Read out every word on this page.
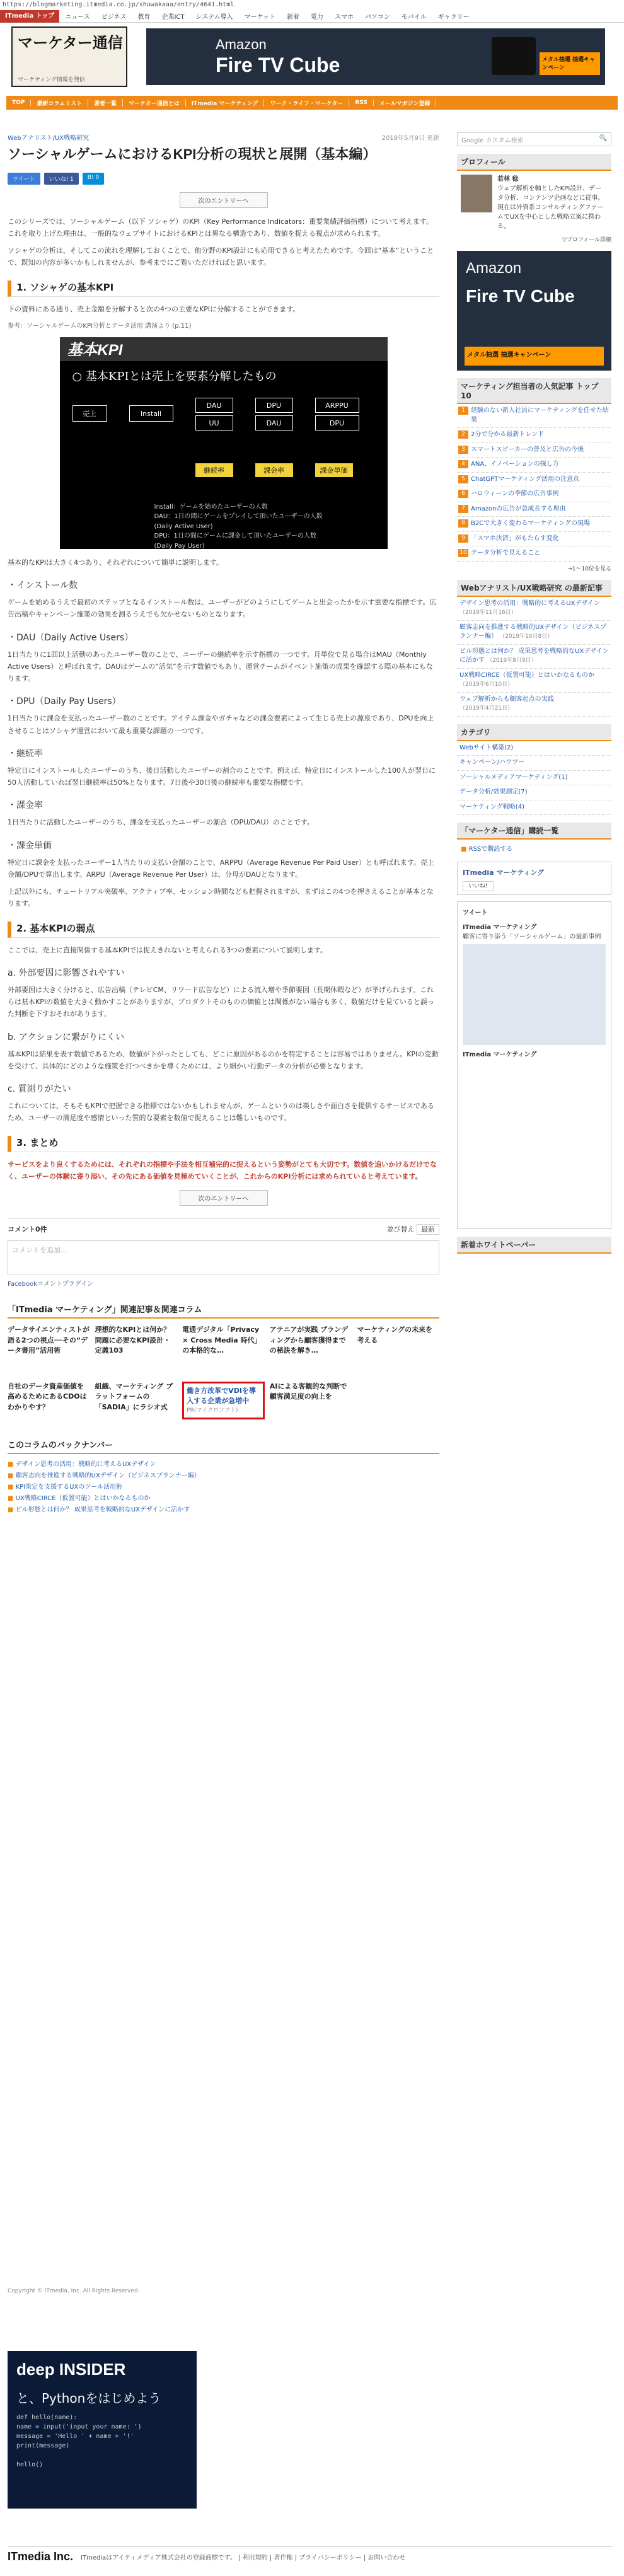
https://blogmarketing.itmedia.co.jp/shuwakaaa/entry/4641.html
ITmedia トップ	ニュース	ビジネス	教育	企業ICT	システム導入	マーケット	新着	電力	スマホ	パソコン	モバイル	ギャラリー
マーケター通信
マーケティング情報を発信
Amazon
Fire TV Cube	メタル抽選 抽選キャンペーン
TOP	最新コラムリスト	著者一覧	マーケター通信とは	ITmedia マーケティング	ワーク・ライフ・マーケター	RSS	メールマガジン登録
Webアナリスト/UX戦略研究	2018年5月9日 更新
ソーシャルゲームにおけるKPI分析の現状と展開（基本編）
ツイート	いいね! 1	B! 0
次のエントリーへ

このシリーズでは、ソーシャルゲーム（以下 ソシャゲ）のKPI（Key Performance Indicators：重要業績評価指標）について考えます。これを取り上げた理由は、一般的なウェブサイトにおけるKPIとは異なる構造であり、数値を捉える視点が求められます。

ソシャゲの分析は、そしてこの流れを理解しておくことで、他分野のKPI設計にも応用できると考えたためです。今回は“基本”ということで、既知の内容が多いかもしれませんが、参考までにご覧いただければと思います。

1. ソシャゲの基本KPI

下の資料にある通り、売上金額を分解すると次の4つの主要なKPIに分解することができます。

参考：ソーシャルゲームのKPI分析とデータ活用 講演より (p.11)
基本KPI
○ 基本KPIとは売上を要素分解したもの
売上	Install
DAU
UU
DPU
DAU
ARPPU
DPU
継続率	課金率	課金単価
Install：ゲームを始めたユーザーの人数
DAU：1日の間にゲームをプレイして頂いたユーザーの人数
(Daily Active User)
DPU：1日の間にゲームに課金して頂いたユーザーの人数
(Daily Pay User)

基本的なKPIは大きく4つあり、それぞれについて簡単に説明します。

・インストール数

ゲームを始めるうえで最初のステップとなるインストール数は、ユーザーがどのようにしてゲームと出会ったかを示す重要な指標です。広告出稿やキャンペーン施策の効果を測るうえでも欠かせないものとなります。

・DAU（Daily Active Users）

1日当たりに1回以上活動のあったユーザー数のことで、ユーザーの継続率を示す指標の一つです。月単位で見る場合はMAU（Monthly Active Users）と呼ばれます。DAUはゲームの“活気”を示す数値でもあり、運営チームがイベント施策の成果を確認する際の基本にもなります。

・DPU（Daily Pay Users）

1日当たりに課金を支払ったユーザー数のことです。アイテム課金やガチャなどの課金要素によって生じる売上の源泉であり、DPUを向上させることはソシャゲ運営において最も重要な課題の一つです。

・継続率

特定日にインストールしたユーザーのうち、後日活動したユーザーの割合のことです。例えば、特定日にインストールした100人が翌日に50人活動していれば翌日継続率は50%となります。7日後や30日後の継続率も重要な指標です。

・課金率

1日当たりに活動したユーザーのうち、課金を支払ったユーザーの割合（DPU/DAU）のことです。

・課金単価

特定日に課金を支払ったユーザー1人当たりの支払い金額のことで、ARPPU（Average Revenue Per Paid User）とも呼ばれます。売上金額/DPUで算出します。ARPU（Average Revenue Per User）は、分母がDAUとなります。

上記以外にも、チュートリアル突破率、アクティブ率、セッション時間なども把握されますが、まずはこの4つを押さえることが基本となります。

2. 基本KPIの弱点

ここでは、売上に直接関係する基本KPIでは捉えきれないと考えられる3つの要素について説明します。

a. 外部要因に影響されやすい

外部要因は大きく分けると、広告出稿（テレビCM、リワード広告など）による流入増や季節要因（長期休暇など）が挙げられます。これらは基本KPIの数値を大きく動かすことがありますが、プロダクトそのものの価値とは関係がない場合も多く、数値だけを見ていると誤った判断を下すおそれがあります。

b. アクションに繋がりにくい

基本KPIは結果を表す数値であるため、数値が下がったとしても、どこに原因があるのかを特定することは容易ではありません。KPIの変動を受けて、具体的にどのような施策を打つべきかを導くためには、より細かい行動データの分析が必要となります。

c. 質測りがたい

これについては、そもそもKPIで把握できる指標ではないかもしれませんが、ゲームというのは楽しさや面白さを提供するサービスであるため、ユーザーの満足度や感情といった質的な要素を数値で捉えることは難しいものです。

3. まとめ

サービスをより良くするためには、それぞれの指標や手法を相互補完的に捉えるという姿勢がとても大切です。数値を追いかけるだけでなく、ユーザーの体験に寄り添い、その先にある価値を見極めていくことが、これからのKPI分析には求められていると考えています。

次のエントリーへ
コメント0件	並び替え 最新
コメントを追加...
Facebookコメントプラグイン
「ITmedia マーケティング」関連記事＆関連コラム
データサイエンティストが語る2つの視点──その“データ書用”活用術
理想的なKPIとは何か？ 問題に必要なKPI設計・定義103
電通デジタル「Privacy × Cross Media 時代」の本格的な…
アテニアが実践 ブランディングから顧客獲得までの秘訣を解き…
マーケティングの未来を考える
自社のデータ資産価値を高めるためにあるCDOはわかりやす？
組織、マーケティング プラットフォームの「SADIA」にラシオ式
働き方改革でVDIを導入する企業が急増中
PR(マイクロソフト)
AIによる客観的な判断で顧客満足度の向上を
このコラムのバックナンバー
■ デザイン思考の活用：戦略的に考えるUXデザイン
■ 顧客志向を推進する戦略的UXデザイン（ビジネスプランナー編）
■ KPI策定を支援するUXのツール活用術
■ UX戦略CIRCE（仮置可能）とはいかなるものか
■ ビル形態とは何か？ 成果思考を戦略的なUXデザインに活かす
Copyright © ITmedia, Inc. All Rights Reserved.
deep INSIDER
と、Pythonをはじめよう
def hello(name):
name = input('input your name: ')
message = 'Hello ' + name + '!'
print(message)

hello()
ITmedia Inc. ITmediaはアイティメディア株式会社の登録商標です。 | 利用規約 | 著作権 | プライバシーポリシー | お問い合わせ
Google カスタム検索	🔍
プロフィール
若林 稔
ウェブ解析を軸としたKPI設計、データ分析、コンテンツ企画などに従事。現在は外資系コンサルティングファームでUXを中心とした戦略立案に携わる。
▽プロフィール詳細
Amazon
Fire TV Cube
メタル抽選 抽選キャンペーン
マーケティング担当者の人気記事 トップ10
1 経験のない新入社員にマーケティングを任せた結果
2 2分で分かる最新トレンド
3 スマートスピーカーの普及と広告の今後
4 ANA、イノベーションの探し方
5 ChatGPTマーケティング活用の注意点
6 ハロウィーンの季節の広告事例
7 Amazonの広告が急成長する理由
8 B2Cで大きく変わるマーケティングの現場
9 「スマホ決済」がもたらす変化
10 データ分析で見えること
→1～10位を見る
Webアナリスト/UX戦略研究 の最新記事
デザイン思考の活用：戦略的に考えるUXデザイン （2019年11月16日）
顧客志向を推進する戦略的UXデザイン（ビジネスプランナー編） （2019年10月8日）
ビル形態とは何か？ 成果思考を戦略的なUXデザインに活かす （2019年8月9日）
UX戦略CIRCE（仮置可能）とはいかなるものか （2019年6月10日）
ウェブ解析からも顧客起点の実践 （2019年4月21日）
カテゴリ
Webサイト構築(2)
キャンペーン/ハウツー
ソーシャルメディアマーケティング(1)
データ分析/効果測定(7)
マーケティング戦略(4)
「マーケター通信」購読一覧
■ RSSで購読する
ITmedia マーケティング
いいね!
ツイート
ITmedia マーケティング
顧客に寄り添う「ソーシャルゲーム」の最新事例
ITmedia マーケティング
新着ホワイトペーパー
